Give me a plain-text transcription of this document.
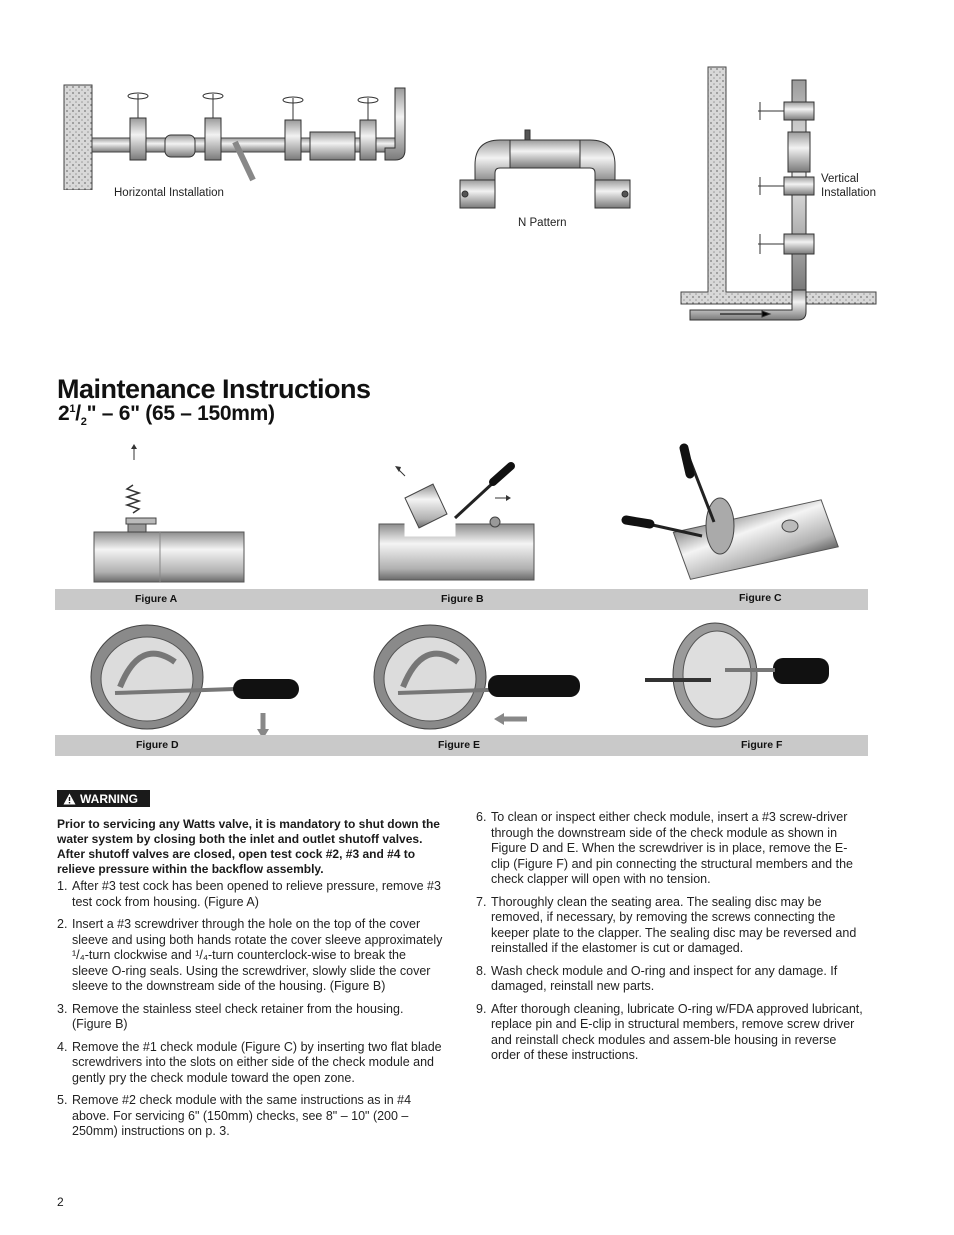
Horizontal Installation
N Pattern
Vertical
Installation
Maintenance Instructions
$2^1/_2$" – 6" (65 – 150mm)
Figure A	Figure B	Figure C
Figure D	Figure E	Figure F
WARNING
Prior to servicing any Watts valve, it is mandatory to shut down the water system by closing both the inlet and outlet shutoff valves. After shutoff valves are closed, open test cock #2, #3 and #4 to relieve pressure within the backflow assembly.
1. After #3 test cock has been opened to relieve pressure, remove #3 test cock from housing. (Figure A)
2. Insert a #3 screwdriver through the hole on the top of the cover sleeve and using both hands rotate the cover sleeve approximately ¹/₄-turn clockwise and ¹/₄-turn counterclock-wise to break the sleeve O-ring seals. Using the screwdriver, slowly slide the cover sleeve to the downstream side of the housing. (Figure B)
3. Remove the stainless steel check retainer from the housing. (Figure B)
4. Remove the #1 check module (Figure C) by inserting two flat blade screwdrivers into the slots on either side of the check module and gently pry the check module toward the open zone.
5. Remove #2 check module with the same instructions as in #4 above. For servicing 6" (150mm) checks, see 8" – 10" (200 – 250mm) instructions on p. 3.
6. To clean or inspect either check module, insert a #3 screw-driver through the downstream side of the check module as shown in Figure D and E. When the screwdriver is in place, remove the E-clip (Figure F) and pin connecting the structural members and the check clapper will open with no tension.
7. Thoroughly clean the seating area. The sealing disc may be removed, if necessary, by removing the screws connecting the keeper plate to the clapper. The sealing disc may be reversed and reinstalled if the elastomer is cut or damaged.
8. Wash check module and O-ring and inspect for any damage. If damaged, reinstall new parts.
9. After thorough cleaning, lubricate O-ring w/FDA approved lubricant, replace pin and E-clip in structural members, remove screw driver and reinstall check modules and assem-ble housing in reverse order of these instructions.
2
